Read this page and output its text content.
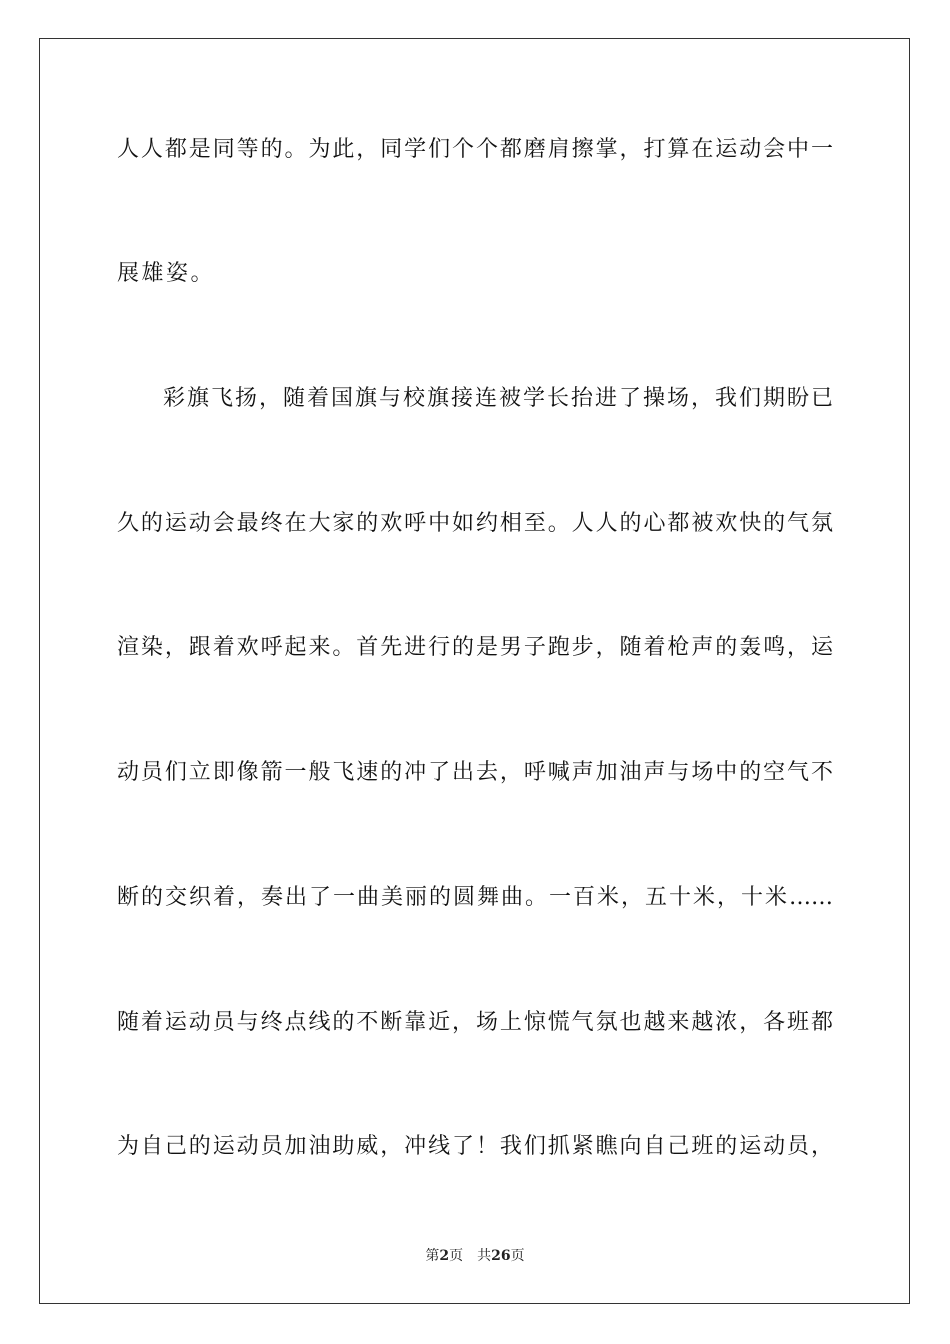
人人都是同等的。为此，同学们个个都磨肩擦掌，打算在运动会中一
展雄姿。
彩旗飞扬，随着国旗与校旗接连被学长抬进了操场，我们期盼已
久的运动会最终在大家的欢呼中如约相至。人人的心都被欢快的气氛
渲染，跟着欢呼起来。首先进行的是男子跑步，随着枪声的轰鸣，运
动员们立即像箭一般飞速的冲了出去，呼喊声加油声与场中的空气不
断的交织着，奏出了一曲美丽的圆舞曲。一百米，五十米，十米……
随着运动员与终点线的不断靠近，场上惊慌气氛也越来越浓，各班都
为自己的运动员加油助威，冲线了！我们抓紧瞧向自己班的运动员，
第2页 共26页
